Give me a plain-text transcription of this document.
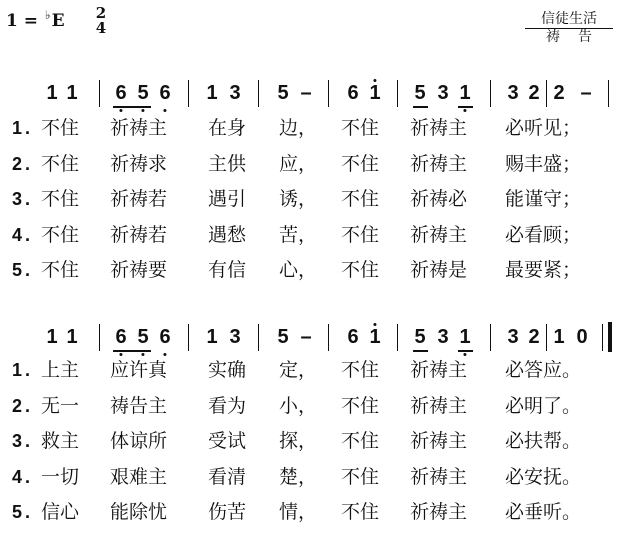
1 = ♭E 2
4	信徒生活
祷告
1 1 6 5 6 1 3 5 – 6 1 5 3 1 3 2 2 –
1 . 不住 祈祷主 在身 边， 不住 祈祷主 必听见；
2 . 不住 祈祷求 主供 应， 不住 祈祷主 赐丰盛；
3 . 不住 祈祷若 遇引 诱， 不住 祈祷必 能谨守；
4 . 不住 祈祷若 遇愁 苦， 不住 祈祷主 必看顾；
5 . 不住 祈祷要 有信 心， 不住 祈祷是 最要紧；
1 1 6 5 6 1 3 5 – 6 1 5 3 1 3 2 1 0
1 . 上主 应许真 实确 定， 不住 祈祷主 必答应。
2 . 无一 祷告主 看为 小， 不住 祈祷主 必明了。
3 . 救主 体谅所 受试 探， 不住 祈祷主 必扶帮。
4 . 一切 艰难主 看清 楚， 不住 祈祷主 必安抚。
5 . 信心 能除忧 伤苦 情， 不住 祈祷主 必垂听。
